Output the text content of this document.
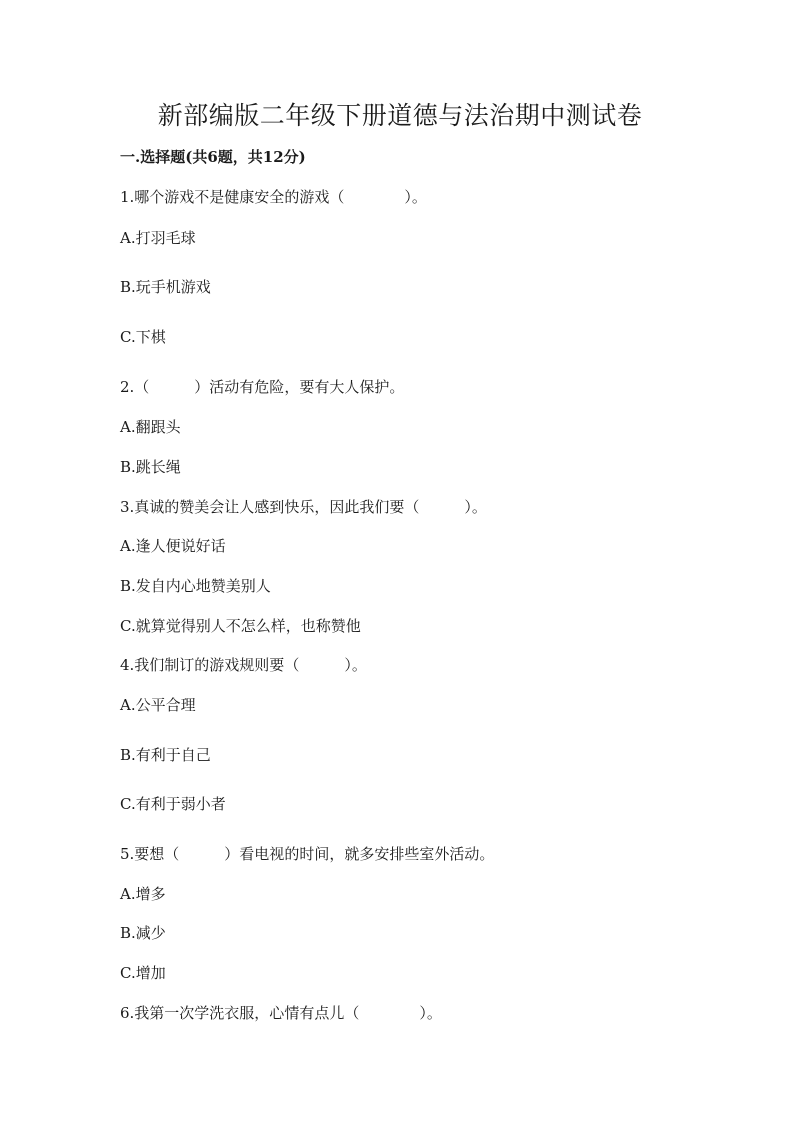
新部编版二年级下册道德与法治期中测试卷
一.选择题(共6题，共12分)
1.哪个游戏不是健康安全的游戏（　　　　）。
A.打羽毛球
B.玩手机游戏
C.下棋
2.（　　　）活动有危险，要有大人保护。
A.翻跟头
B.跳长绳
3.真诚的赞美会让人感到快乐，因此我们要（　　　）。
A.逢人便说好话
B.发自内心地赞美别人
C.就算觉得别人不怎么样，也称赞他
4.我们制订的游戏规则要（　　　）。
A.公平合理
B.有利于自己
C.有利于弱小者
5.要想（　　　）看电视的时间，就多安排些室外活动。
A.增多
B.减少
C.增加
6.我第一次学洗衣服，心情有点儿（　　　　）。
